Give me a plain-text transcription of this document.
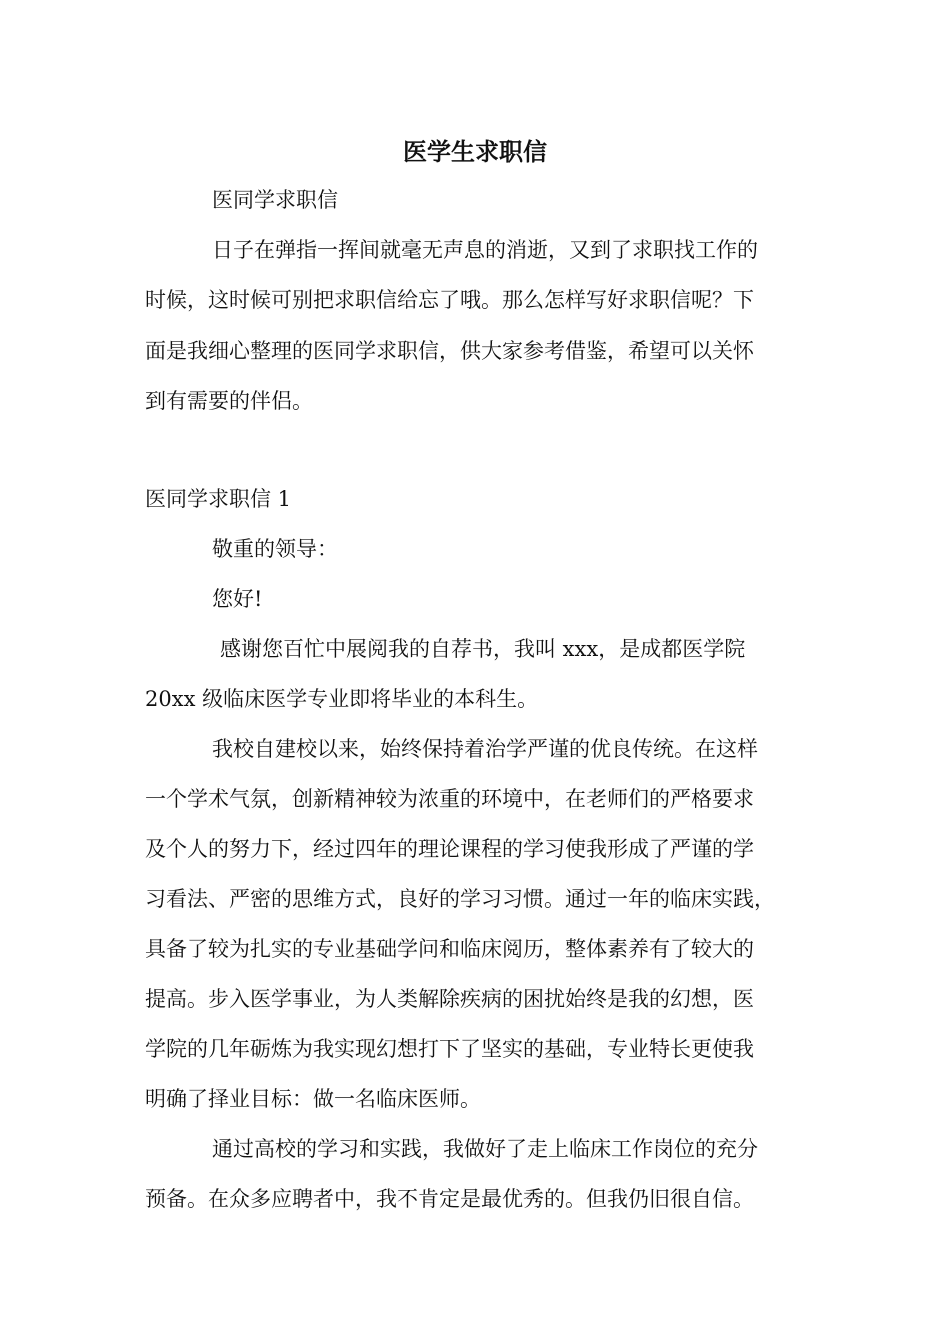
医学生求职信

医同学求职信

日子在弹指一挥间就毫无声息的消逝，又到了求职找工作的

时候，这时候可别把求职信给忘了哦。那么怎样写好求职信呢？下

面是我细心整理的医同学求职信，供大家参考借鉴，希望可以关怀

到有需要的伴侣。

医同学求职信 1

敬重的领导：

您好!

感谢您百忙中展阅我的自荐书，我叫 xxx，是成都医学院

20xx 级临床医学专业即将毕业的本科生。

我校自建校以来，始终保持着治学严谨的优良传统。在这样

一个学术气氛，创新精神较为浓重的环境中，在老师们的严格要求

及个人的努力下，经过四年的理论课程的学习使我形成了严谨的学

习看法、严密的思维方式，良好的学习习惯。通过一年的临床实践，

具备了较为扎实的专业基础学问和临床阅历，整体素养有了较大的

提高。步入医学事业，为人类解除疾病的困扰始终是我的幻想，医

学院的几年砺炼为我实现幻想打下了坚实的基础，专业特长更使我

明确了择业目标：做一名临床医师。

通过高校的学习和实践，我做好了走上临床工作岗位的充分

预备。在众多应聘者中，我不肯定是最优秀的。但我仍旧很自信。
